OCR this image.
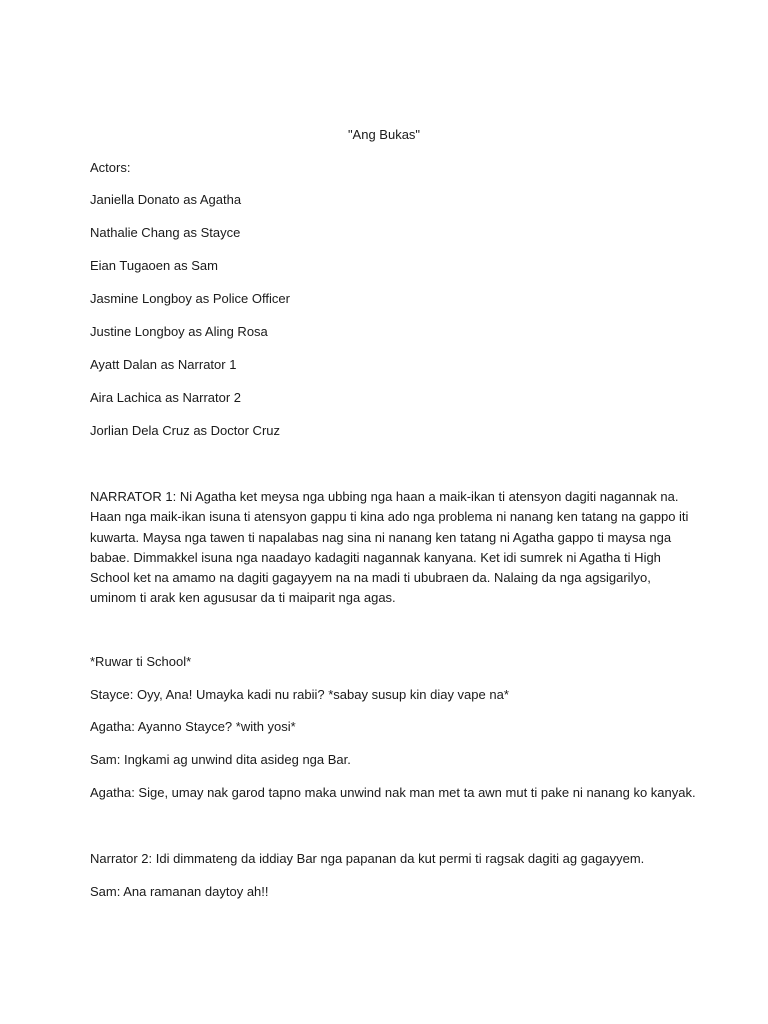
"Ang Bukas"
Actors:
Janiella Donato as Agatha
Nathalie Chang as Stayce
Eian Tugaoen as Sam
Jasmine Longboy as Police Officer
Justine Longboy as Aling Rosa
Ayatt Dalan as Narrator 1
Aira Lachica as Narrator 2
Jorlian Dela Cruz as Doctor Cruz
NARRATOR 1: Ni Agatha ket meysa nga ubbing nga haan a maik-ikan ti atensyon dagiti nagannak na. Haan nga maik-ikan isuna ti atensyon gappu ti kina ado nga problema ni nanang ken tatang na gappo iti kuwarta. Maysa nga tawen ti napalabas nag sina ni nanang ken tatang ni Agatha gappo ti maysa nga babae. Dimmakkel isuna nga naadayo kadagiti nagannak kanyana. Ket idi sumrek ni Agatha ti High School ket na amamo na dagiti gagayyem na na madi ti ububraen da. Nalaing da nga agsigarilyo, uminom ti arak ken agususar da ti maiparit nga agas.
*Ruwar ti School*
Stayce: Oyy, Ana! Umayka kadi nu rabii? *sabay susup kin diay vape na*
Agatha: Ayanno Stayce? *with yosi*
Sam: Ingkami ag unwind dita asideg nga Bar.
Agatha: Sige, umay nak garod tapno maka unwind nak man met ta awn mut ti pake ni nanang ko kanyak.
Narrator 2: Idi dimmateng da iddiay Bar nga papanan da kut permi ti ragsak dagiti ag gagayyem.
Sam: Ana ramanan daytoy ah!!
